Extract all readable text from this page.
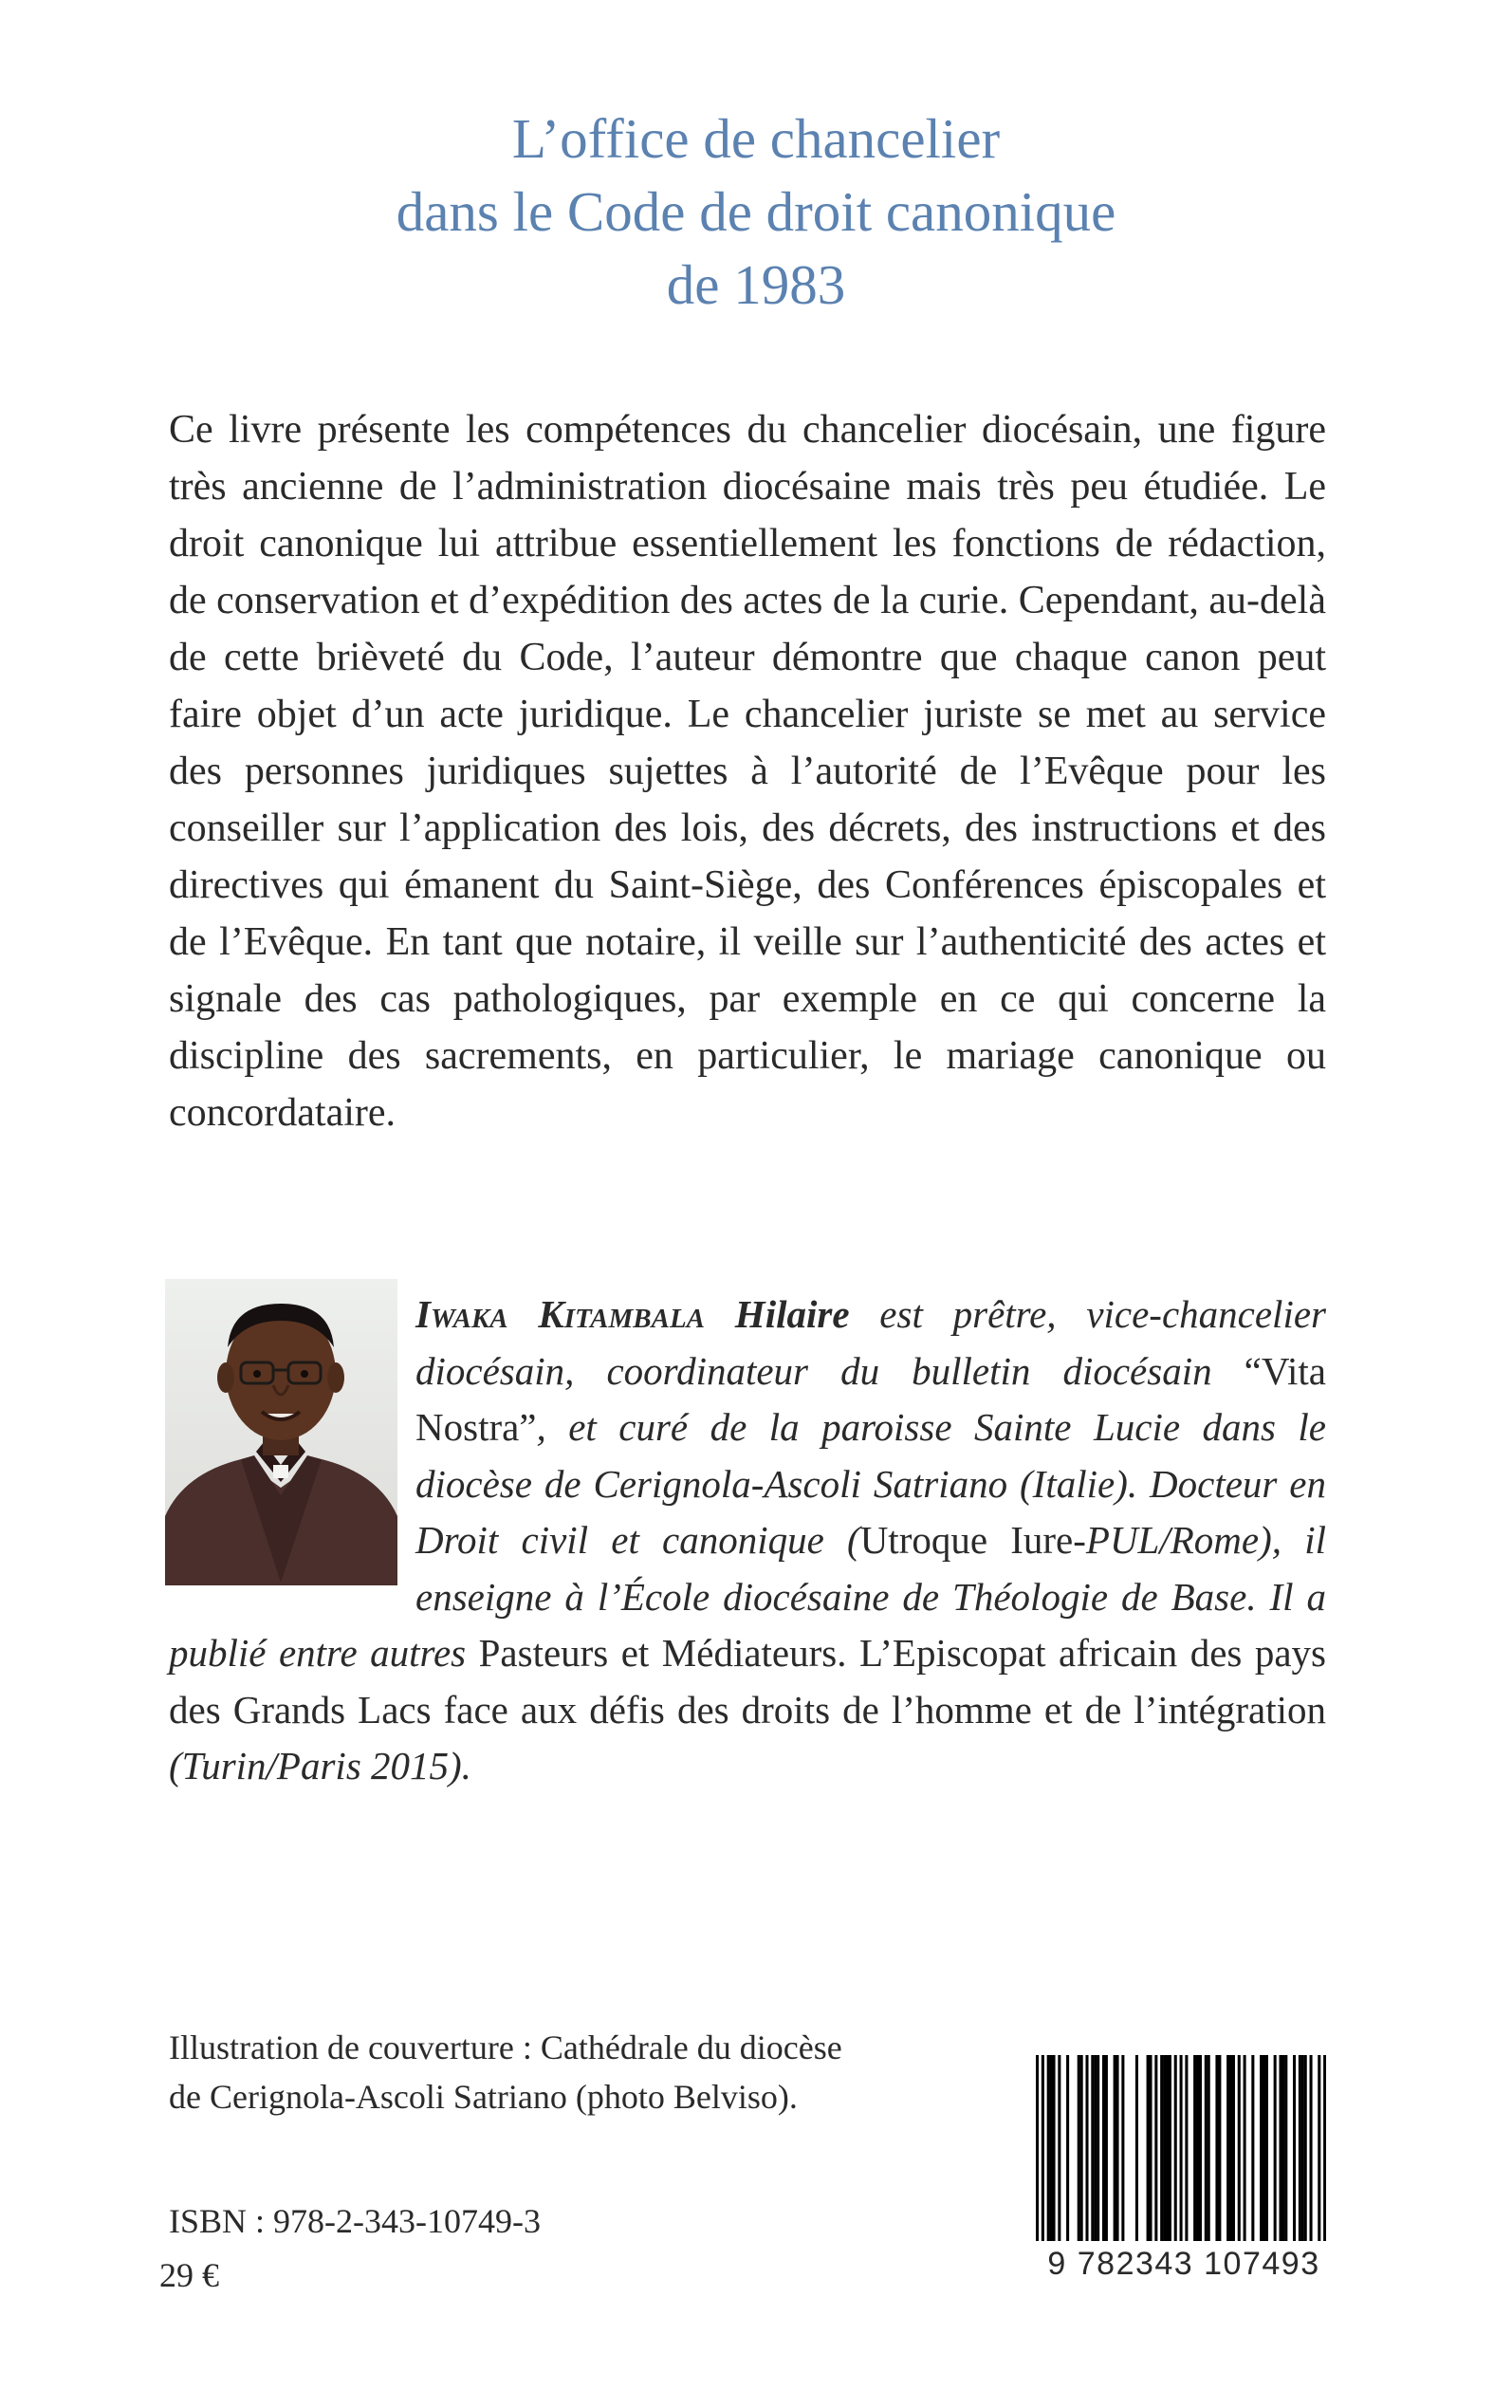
L’office de chancelier
dans le Code de droit canonique
de 1983

Ce livre présente les compétences du chancelier diocésain, une figure très ancienne de l’administration diocésaine mais très peu étudiée. Le droit canonique lui attribue essentiellement les fonctions de rédaction, de conservation et d’expédition des actes de la curie. Cependant, au-delà de cette brièveté du Code, l’auteur démontre que chaque canon peut faire objet d’un acte juridique. Le chancelier juriste se met au service des personnes juridiques sujettes à l’autorité de l’Evêque pour les conseiller sur l’application des lois, des décrets, des instructions et des directives qui émanent du Saint-Siège, des Conférences épiscopales et de l’Evêque. En tant que notaire, il veille sur l’authenticité des actes et signale des cas pathologiques, par exemple en ce qui concerne la discipline des sacrements, en particulier, le mariage canonique ou concordataire.

Iwaka Kitambala Hilaire est prêtre, vice-chancelier diocésain, coordinateur du bulletin diocésain “Vita Nostra”, et curé de la paroisse Sainte Lucie dans le diocèse de Cerignola-Ascoli Satriano (Italie). Docteur en Droit civil et canonique (Utroque Iure-PUL/Rome), il enseigne à l’École diocésaine de Théologie de Base. Il a publié entre autres Pasteurs et Médiateurs. L’Episcopat africain des pays des Grands Lacs face aux défis des droits de l’homme et de l’intégration (Turin/Paris 2015).
Illustration de couverture : Cathédrale du diocèse
de Cerignola-Ascoli Satriano (photo Belviso).
ISBN : 978-2-343-10749-3
29 €	9 782343 107493
